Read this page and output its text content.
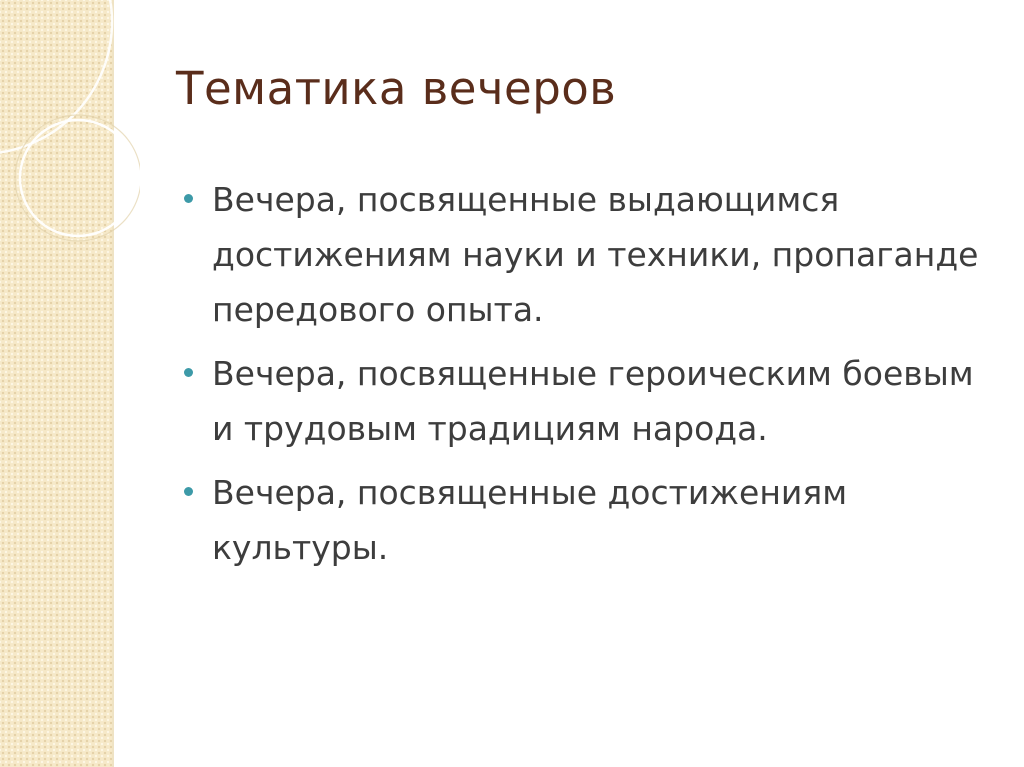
Тематика вечеров
Вечера, посвященные выдающимся достижениям науки и техники, пропаганде передового опыта.
Вечера, посвященные героическим боевым и трудовым традициям народа.
Вечера, посвященные достижениям культуры.
